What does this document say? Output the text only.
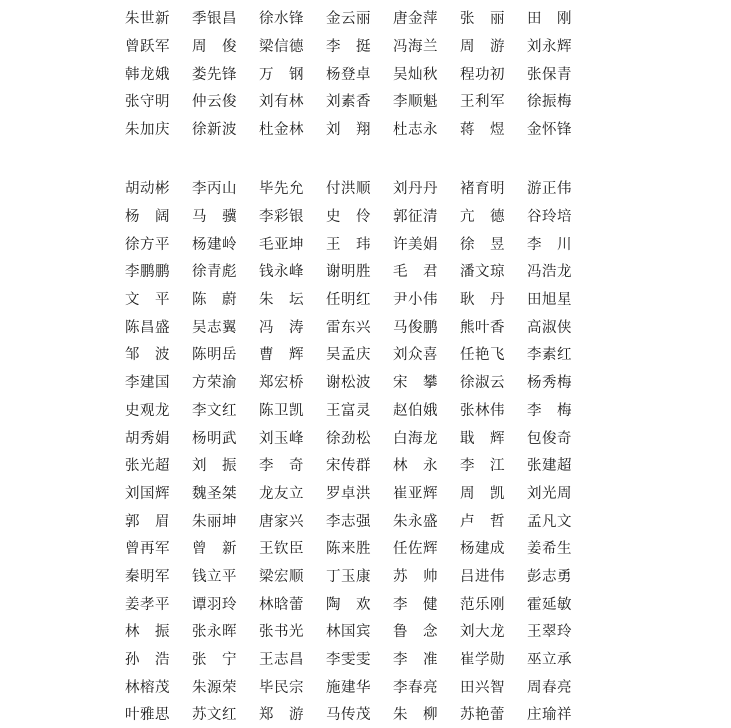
朱世新	季银昌	徐水锋	金云丽	唐金萍	张　丽	田　刚
曾跃军	周　俊	梁信德	李　挺	冯海兰	周　游	刘永辉
韩龙娥	娄先锋	万　钢	杨登卓	吴灿秋	程功初	张保青
张守明	仲云俊	刘有林	刘素香	李顺魁	王利军	徐振梅
朱加庆	徐新波	杜金林	刘　翔	杜志永	蒋　煜	金怀锋
胡动彬	李丙山	毕先允	付洪顺	刘丹丹	褚育明	游正伟
杨　阔	马　骥	李彩银	史　伶	郭征清	亢　德	谷玲培
徐方平	杨建岭	毛亚坤	王　玮	许美娟	徐　昱	李　川
李鹏鹏	徐青彪	钱永峰	谢明胜	毛　君	潘文琼	冯浩龙
文　平	陈　蔚	朱　坛	任明红	尹小伟	耿　丹	田旭星
陈昌盛	吴志翼	冯　涛	雷东兴	马俊鹏	熊叶香	高淑侠
邹　波	陈明岳	曹　辉	吴孟庆	刘众喜	任艳飞	李素红
李建国	方荣渝	郑宏桥	谢松波	宋　攀	徐淑云	杨秀梅
史观龙	李文红	陈卫凯	王富灵	赵伯娥	张林伟	李　梅
胡秀娟	杨明武	刘玉峰	徐劲松	白海龙	戢　辉	包俊奇
张光超	刘　振	李　奇	宋传群	林　永	李　江	张建超
刘国辉	魏圣桀	龙友立	罗卓洪	崔亚辉	周　凯	刘光周
郭　眉	朱丽坤	唐家兴	李志强	朱永盛	卢　哲	孟凡文
曾再军	曾　新	王钦臣	陈来胜	任佐辉	杨建成	姜希生
秦明军	钱立平	梁宏顺	丁玉康	苏　帅	吕进伟	彭志勇
姜孝平	谭羽玲	林晗蕾	陶　欢	李　健	范乐刚	霍延敏
林　振	张永晖	张书光	林国宾	鲁　念	刘大龙	王翠玲
孙　浩	张　宁	王志昌	李雯雯	李　准	崔学勋	巫立承
林榕茂	朱源荣	毕民宗	施建华	李春亮	田兴智	周春亮
叶雅思	苏文红	郑　游	马传茂	朱　柳	苏艳蕾	庄瑜祥
